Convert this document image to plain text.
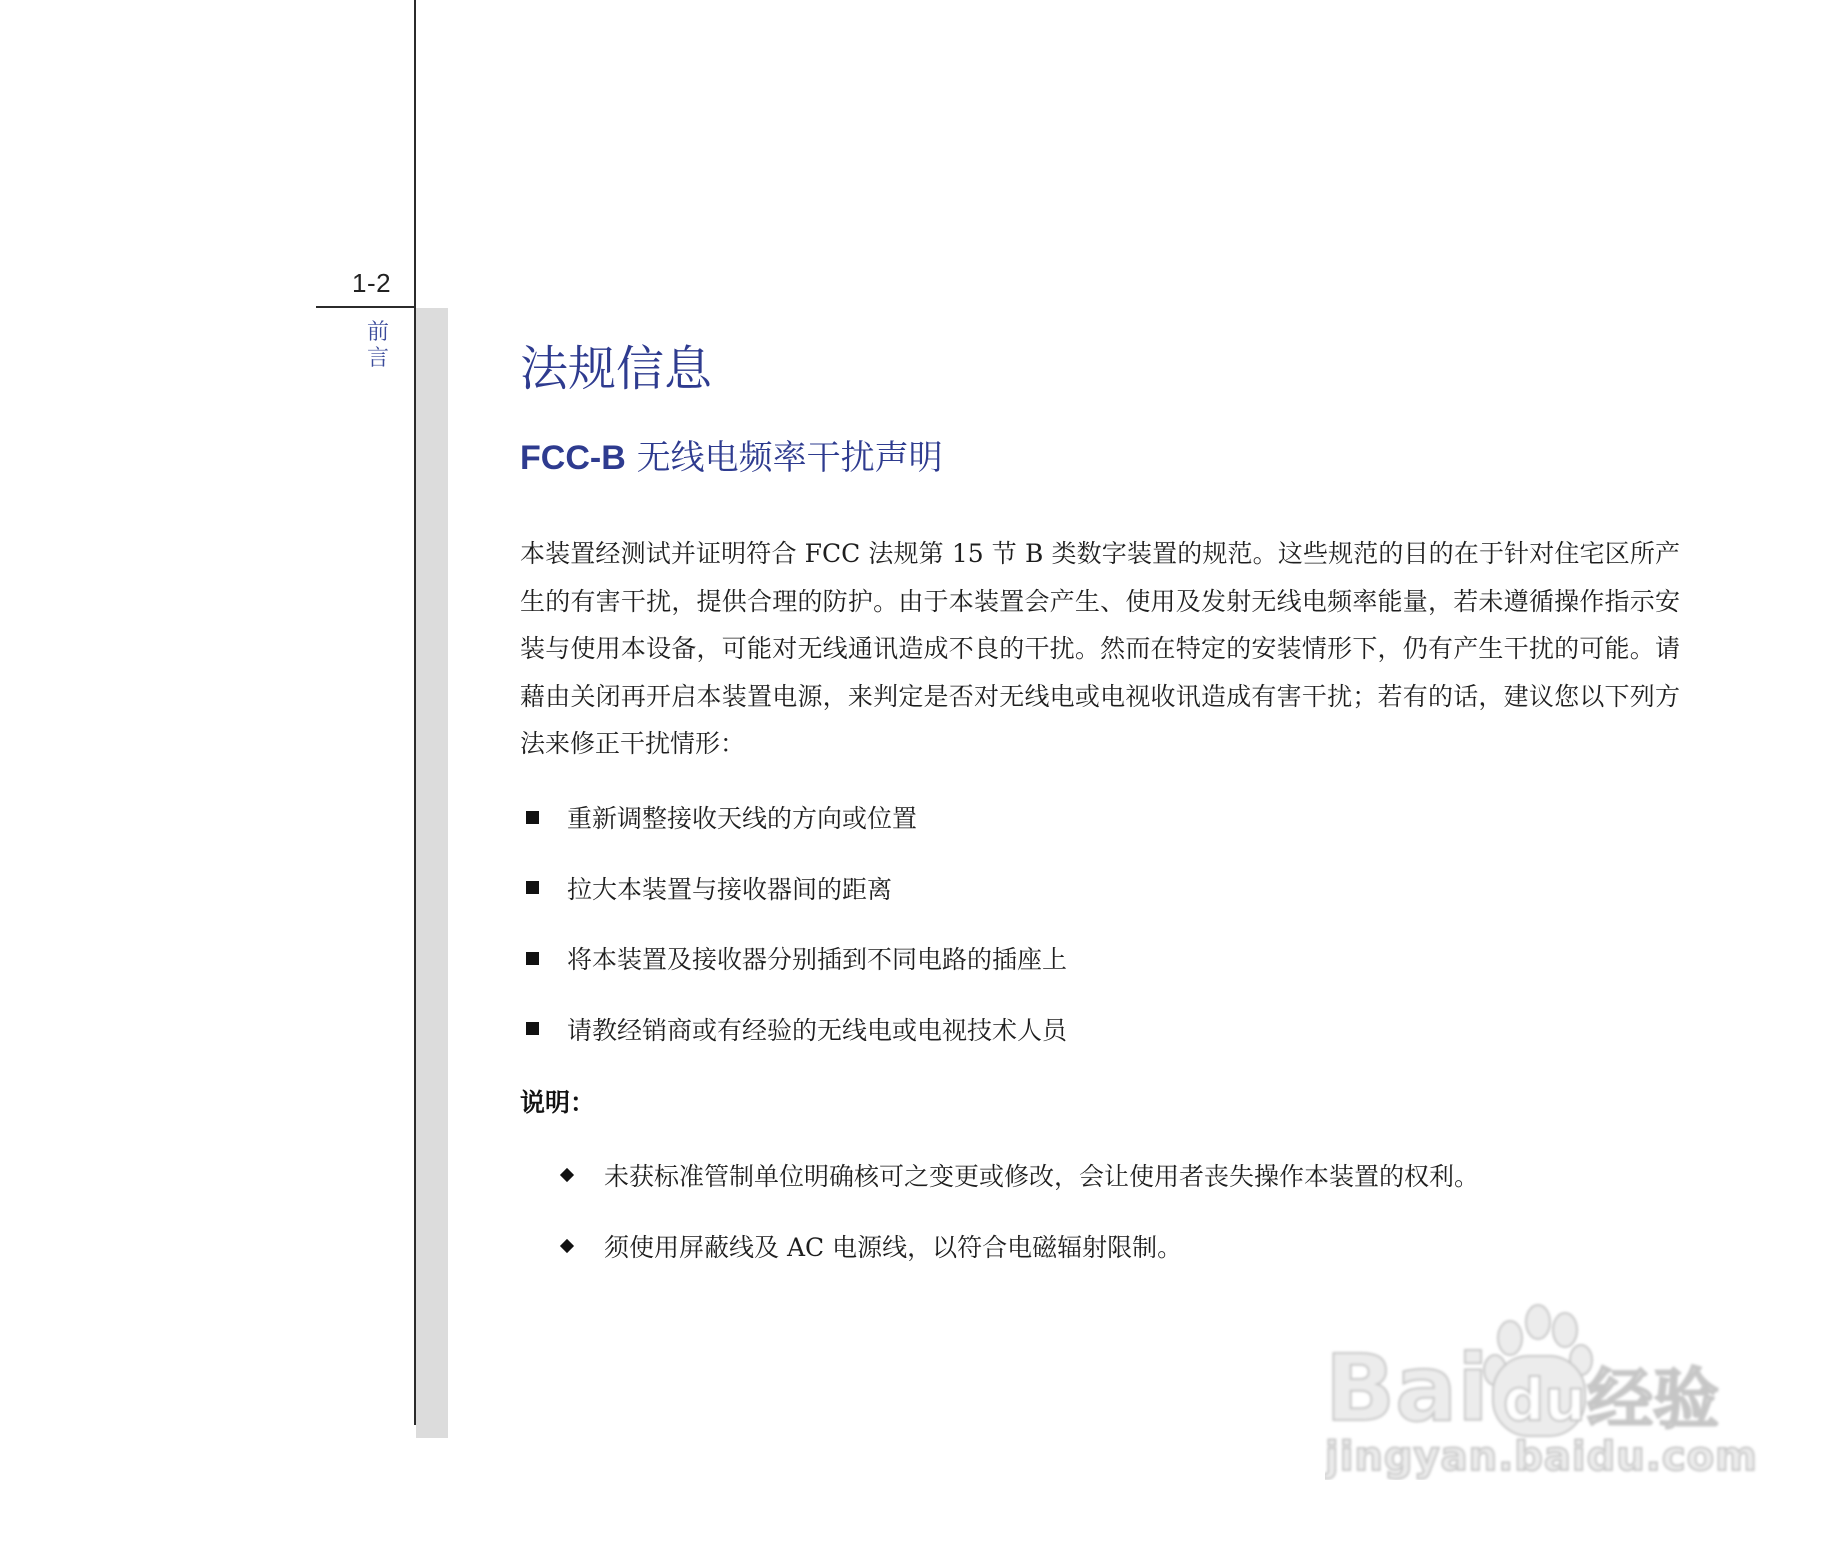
1-2
前言	法规信息
FCC-B 无线电频率干扰声明

本装置经测试并证明符合 FCC 法规第 15 节 B 类数字装置的规范。这些规范的目的在于针对住宅区所产生的有害干扰，提供合理的防护。由于本装置会产生、使用及发射无线电频率能量，若未遵循操作指示安装与使用本设备，可能对无线通讯造成不良的干扰。然而在特定的安装情形下，仍有产生干扰的可能。请藉由关闭再开启本装置电源，来判定是否对无线电或电视收讯造成有害干扰；若有的话，建议您以下列方法来修正干扰情形：

重新调整接收天线的方向或位置
拉大本装置与接收器间的距离
将本装置及接收器分别插到不同电路的插座上
请教经销商或有经验的无线电或电视技术人员
说明：
未获标准管制单位明确核可之变更或修改，会让使用者丧失操作本装置的权利。
须使用屏蔽线及 AC 电源线，以符合电磁辐射限制。
Bai du 经验
jingyan.baidu.com
